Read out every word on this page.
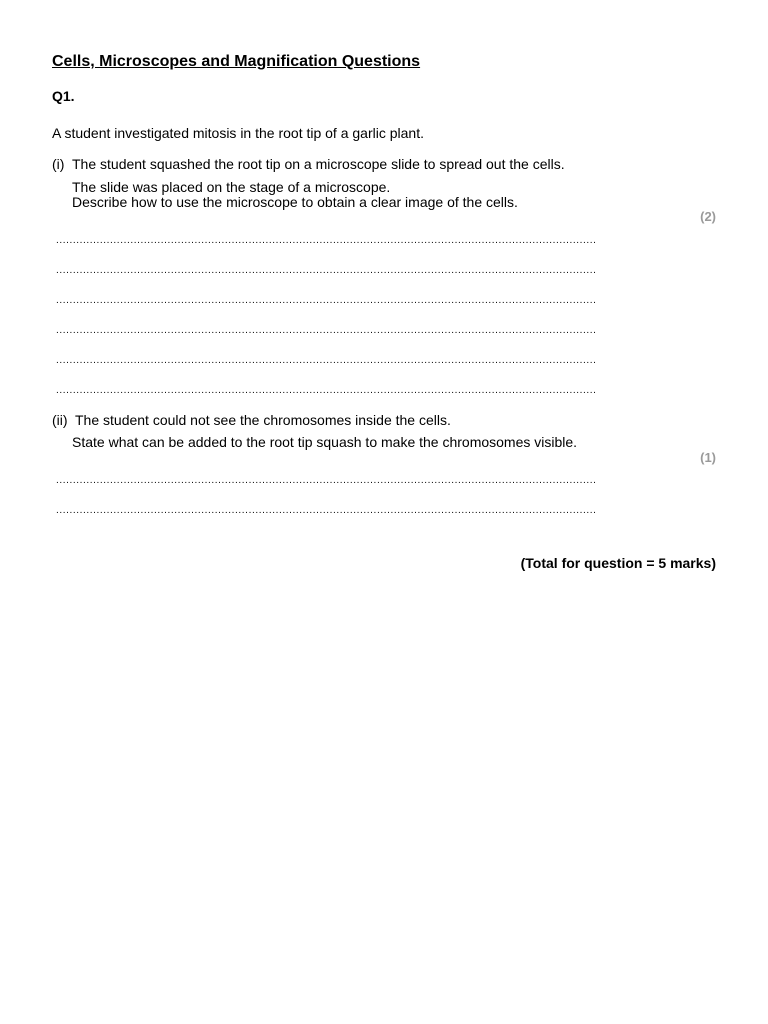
Cells, Microscopes and Magnification Questions
Q1.
A student investigated mitosis in the root tip of a garlic plant.
(i) The student squashed the root tip on a microscope slide to spread out the cells.
The slide was placed on the stage of a microscope.
Describe how to use the microscope to obtain a clear image of the cells.
(2)
................................................................................................................................................................
................................................................................................................................................................
................................................................................................................................................................
................................................................................................................................................................
................................................................................................................................................................
................................................................................................................................................................
(ii) The student could not see the chromosomes inside the cells.
State what can be added to the root tip squash to make the chromosomes visible.
(1)
................................................................................................................................................................
................................................................................................................................................................
(Total for question = 5 marks)
